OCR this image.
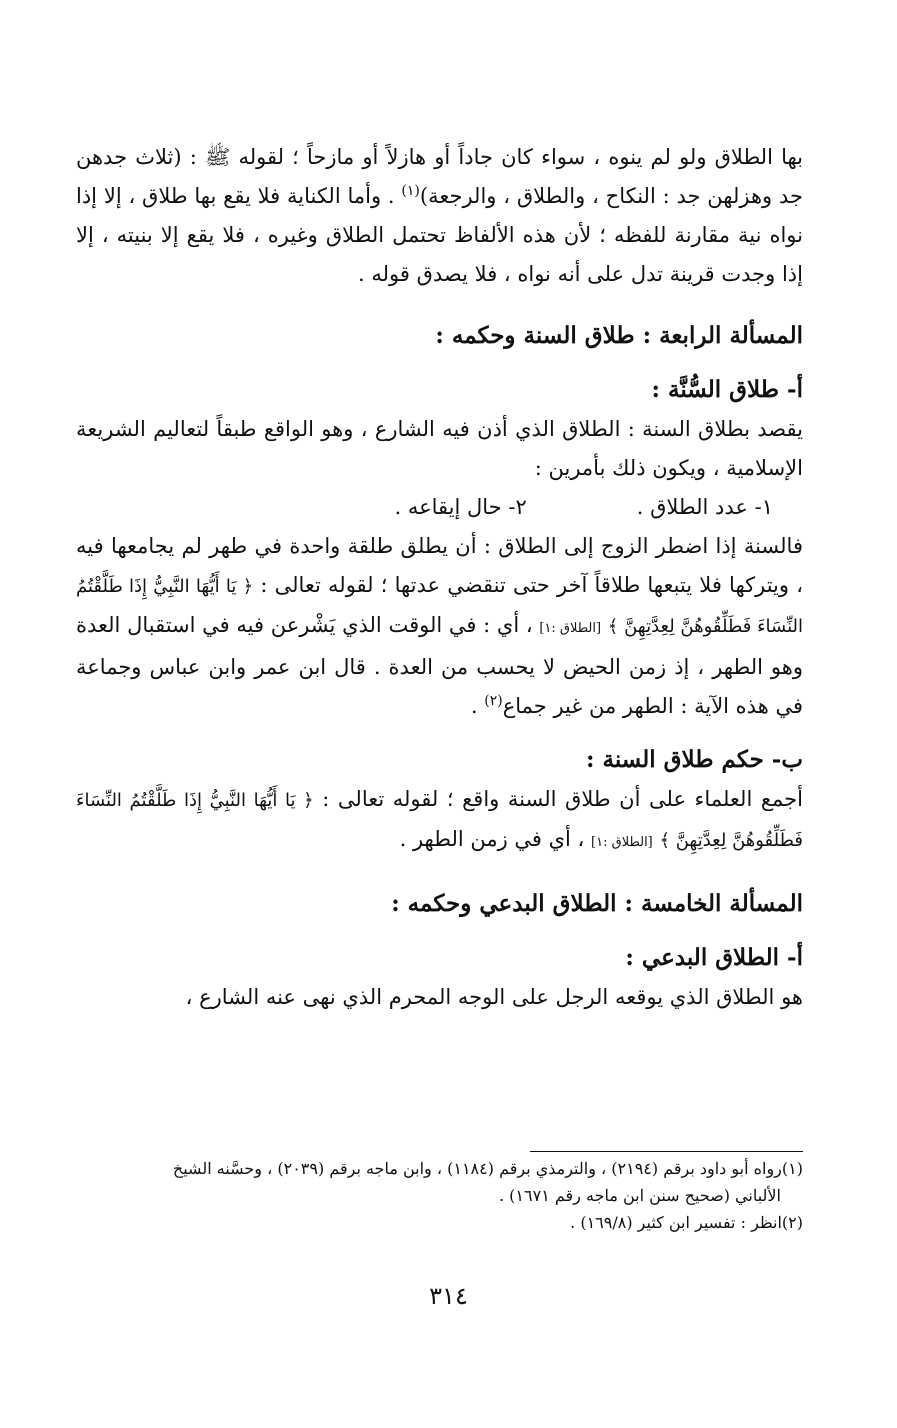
بها الطلاق ولو لم ينوه ، سواء كان جاداً أو هازلاً أو مازحاً ؛ لقوله ﷺ : (ثلاث جدهن جد وهزلهن جد : النكاح ، والطلاق ، والرجعة)$^{(١)}$ . وأما الكناية فلا يقع بها طلاق ، إلا إذا نواه نية مقارنة للفظه ؛ لأن هذه الألفاظ تحتمل الطلاق وغيره ، فلا يقع إلا بنيته ، إلا إذا وجدت قرينة تدل على أنه نواه ، فلا يصدق قوله .

المسألة الرابعة : طلاق السنة وحكمه :

أ- طلاق السُّنَّة :

يقصد بطلاق السنة : الطلاق الذي أذن فيه الشارع ، وهو الواقع طبقاً لتعاليم الشريعة الإسلامية ، ويكون ذلك بأمرين :

١- عدد الطلاق .
٢- حال إيقاعه .

فالسنة إذا اضطر الزوج إلى الطلاق : أن يطلق طلقة واحدة في طهر لم يجامعها فيه ، ويتركها فلا يتبعها طلاقاً آخر حتى تنقضي عدتها ؛ لقوله تعالى : ﴿ يَا أَيُّهَا النَّبِيُّ إِذَا طَلَّقْتُمُ النِّسَاءَ فَطَلِّقُوهُنَّ لِعِدَّتِهِنَّ ﴾ [الطلاق :١] ، أي : في الوقت الذي يَشْرعن فيه في استقبال العدة وهو الطهر ، إذ زمن الحيض لا يحسب من العدة . قال ابن عمر وابن عباس وجماعة في هذه الآية : الطهر من غير جماع$^{(٢)}$ .

ب- حكم طلاق السنة :

أجمع العلماء على أن طلاق السنة واقع ؛ لقوله تعالى : ﴿ يَا أَيُّهَا النَّبِيُّ إِذَا طَلَّقْتُمُ النِّسَاءَ فَطَلِّقُوهُنَّ لِعِدَّتِهِنَّ ﴾ [الطلاق :١] ، أي في زمن الطهر .

المسألة الخامسة : الطلاق البدعي وحكمه :

أ- الطلاق البدعي :

هو الطلاق الذي يوقعه الرجل على الوجه المحرم الذي نهى عنه الشارع ،

(١)رواه أبو داود برقم (٢١٩٤) ، والترمذي برقم (١١٨٤) ، وابن ماجه برقم (٢٠٣٩) ، وحسَّنه الشيخ

الألباني (صحيح سنن ابن ماجه رقم ١٦٧١) .

(٢)انظر : تفسير ابن كثير (١٦٩/٨) .

٣١٤
